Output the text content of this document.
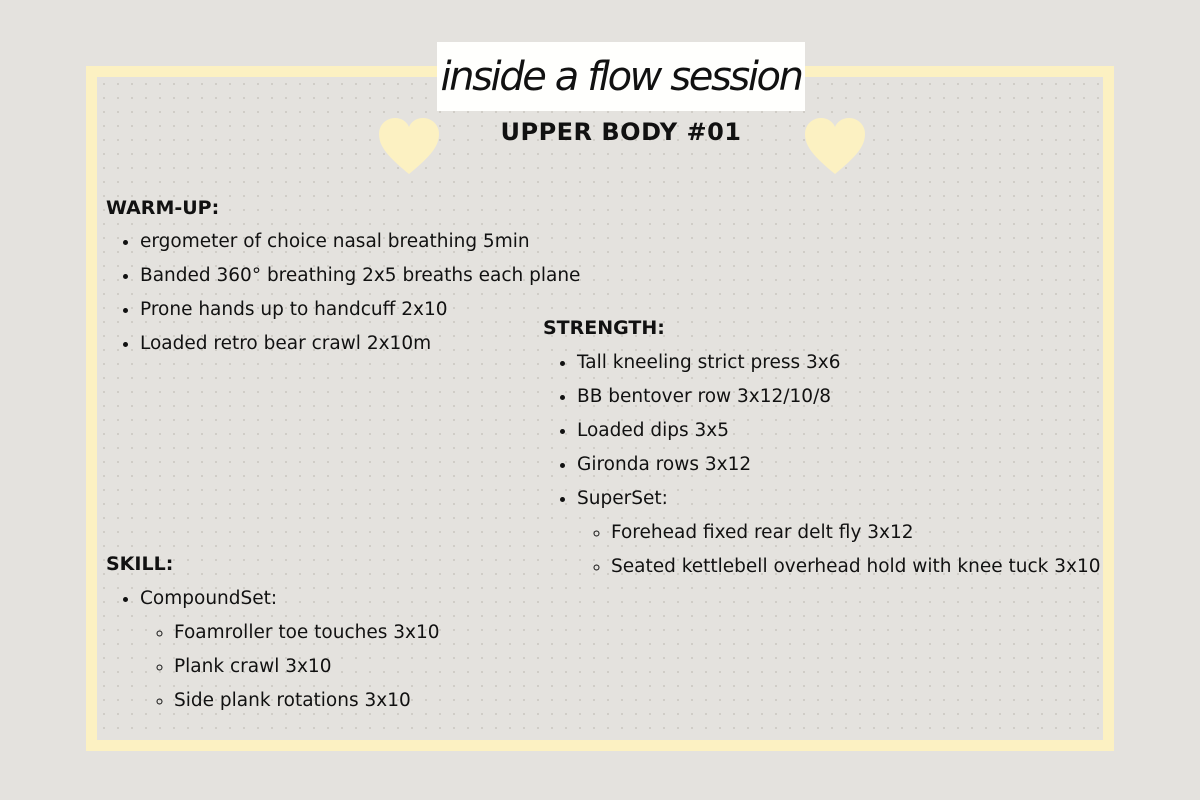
inside a flow session
UPPER BODY #01
WARM-UP:
• ergometer of choice nasal breathing 5min
• Banded 360° breathing 2x5 breaths each plane
• Prone hands up to handcuff 2x10
• Loaded retro bear crawl 2x10m
STRENGTH:
• Tall kneeling strict press 3x6
• BB bentover row 3x12/10/8
• Loaded dips 3x5
• Gironda rows 3x12
• SuperSet:
◦ Forehead fixed rear delt fly 3x12
◦ Seated kettlebell overhead hold with knee tuck 3x10
SKILL:
• CompoundSet:
◦ Foamroller toe touches 3x10
◦ Plank crawl 3x10
◦ Side plank rotations 3x10
